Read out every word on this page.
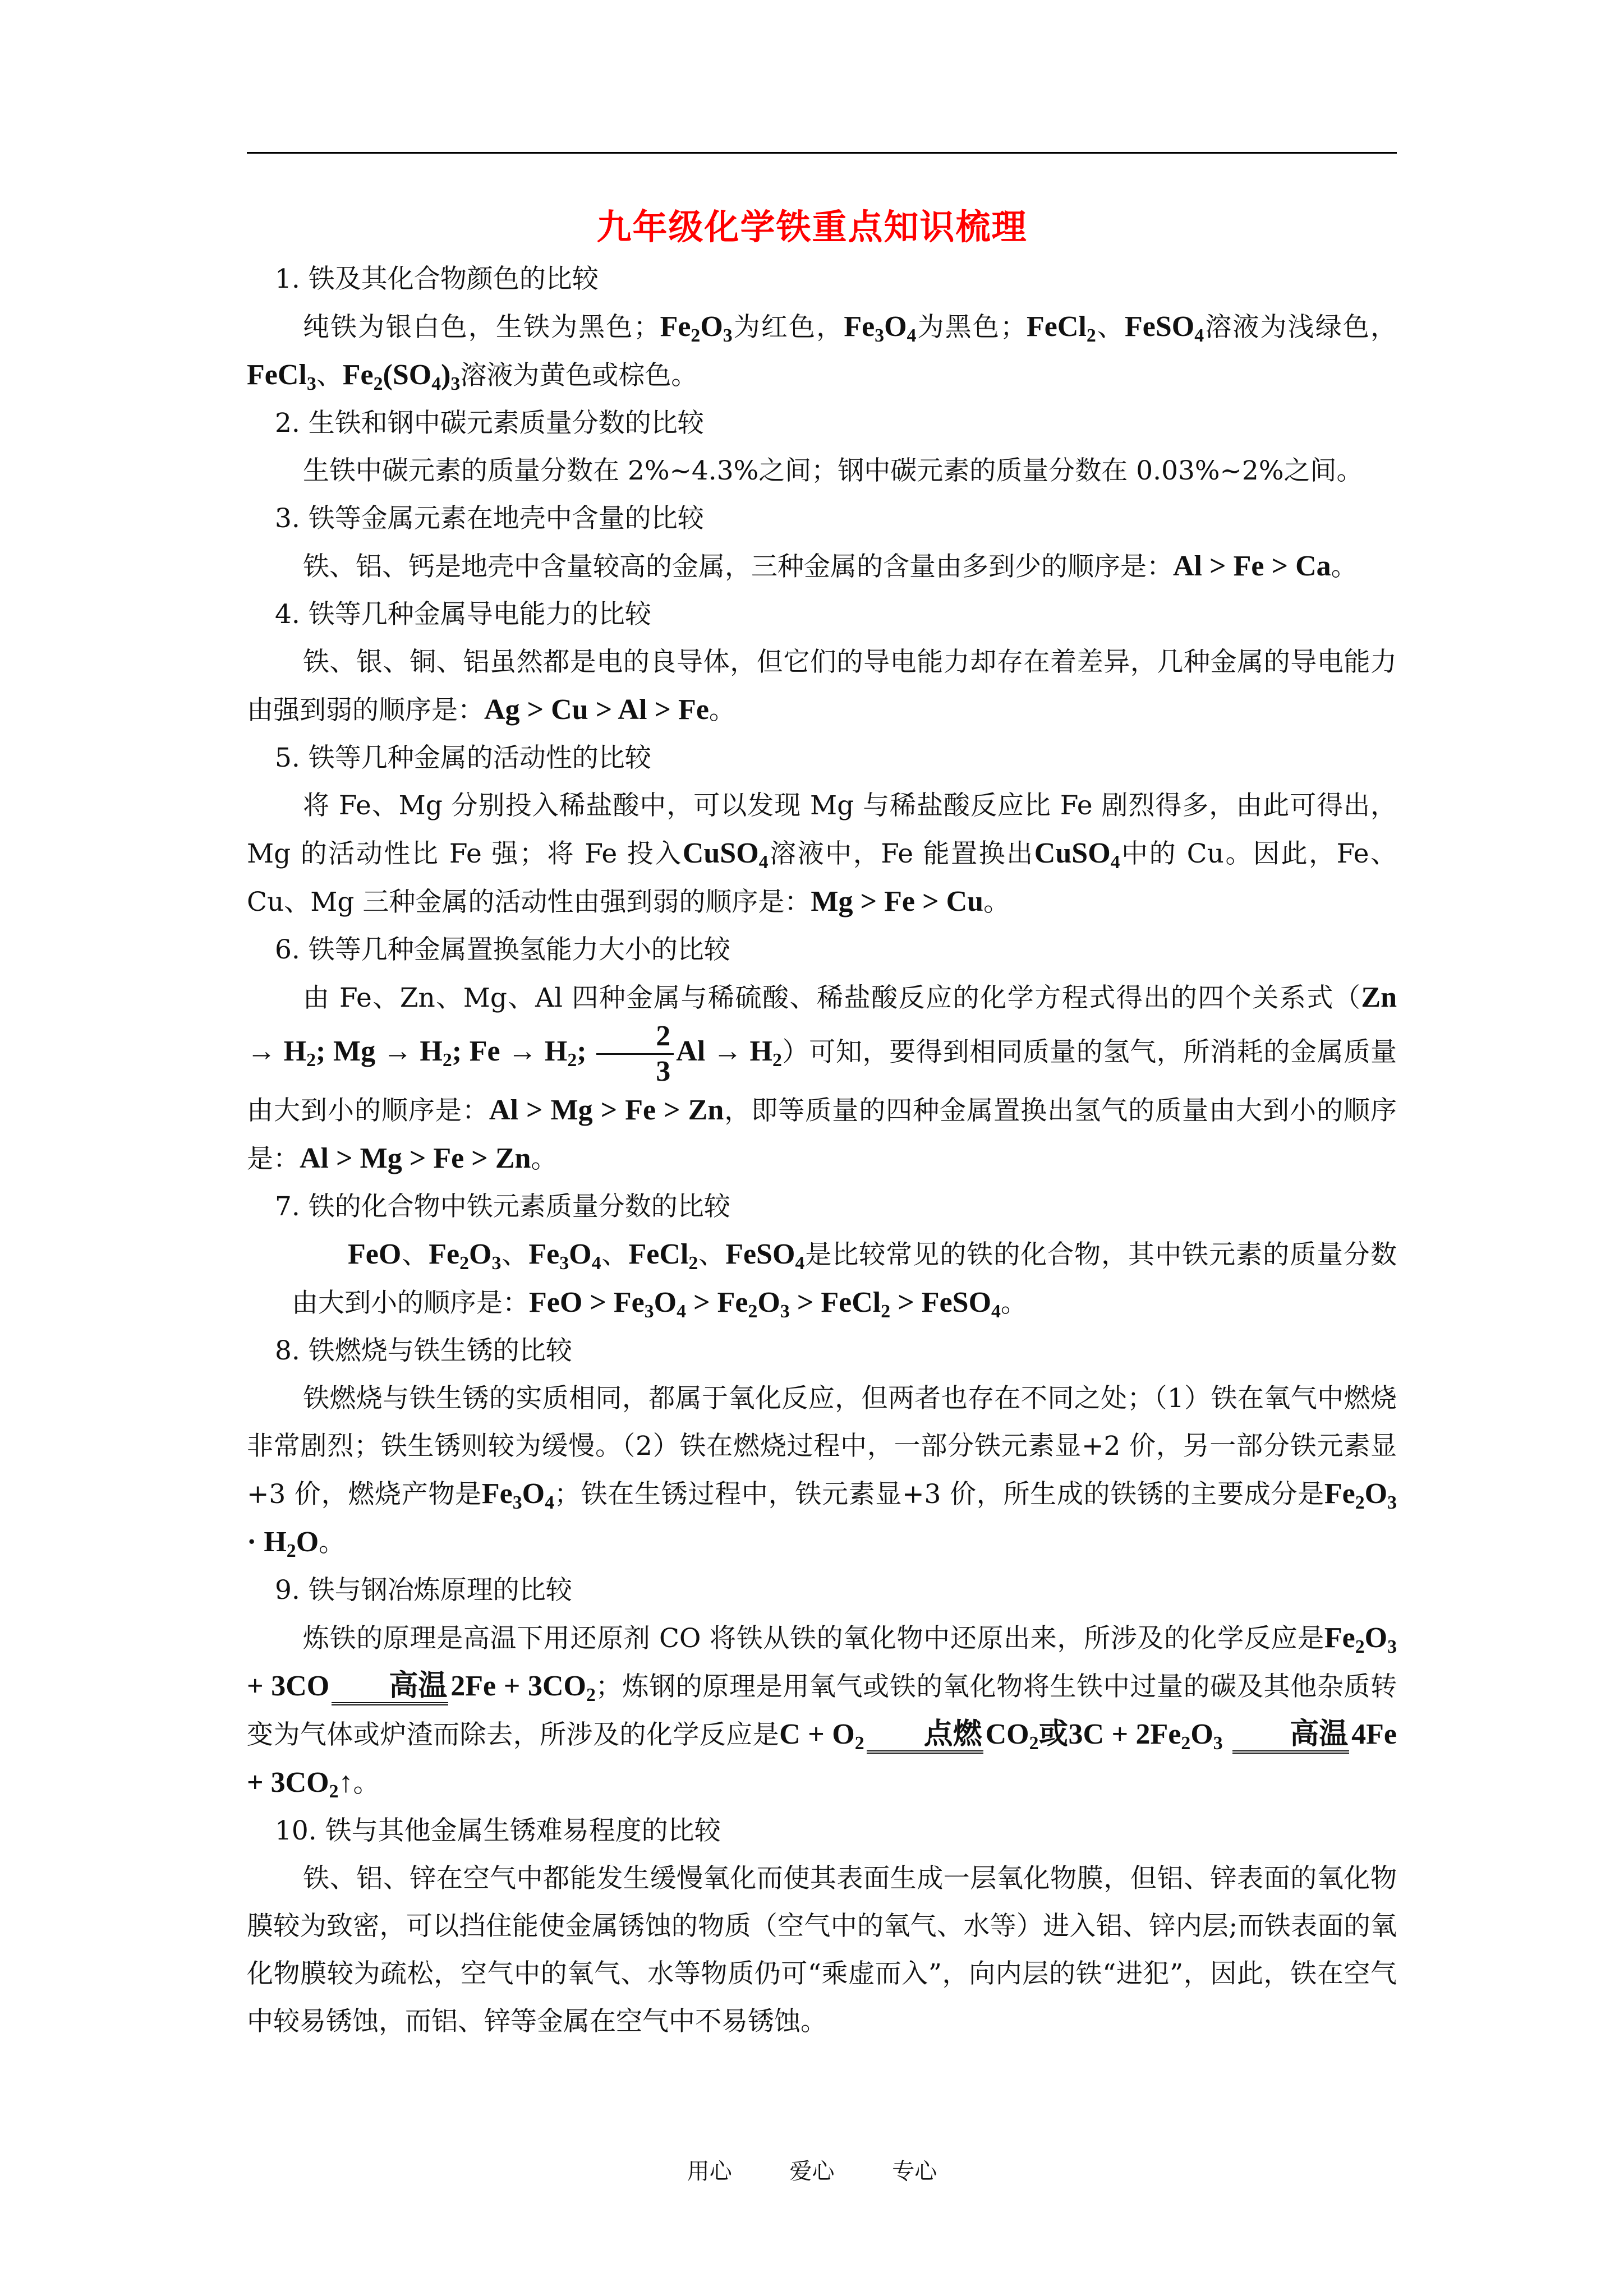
九年级化学铁重点知识梳理
1. 铁及其化合物颜色的比较
纯铁为银白色，生铁为黑色；$Fe_2O_3$为红色，$Fe_3O_4$为黑色；FeCl$_2$、FeSO$_4$溶液为浅绿色，FeCl$_3$、$Fe_2(SO_4)_3$溶液为黄色或棕色。
2. 生铁和钢中碳元素质量分数的比较
生铁中碳元素的质量分数在 2%~4.3%之间；钢中碳元素的质量分数在 0.03%~2%之间。
3. 铁等金属元素在地壳中含量的比较
铁、铝、钙是地壳中含量较高的金属，三种金属的含量由多到少的顺序是：Al > Fe > Ca。
4. 铁等几种金属导电能力的比较
铁、银、铜、铝虽然都是电的良导体，但它们的导电能力却存在着差异，几种金属的导电能力由强到弱的顺序是：Ag > Cu > Al > Fe。
5. 铁等几种金属的活动性的比较
将 Fe、Mg 分别投入稀盐酸中，可以发现 Mg 与稀盐酸反应比 Fe 剧烈得多，由此可得出，Mg 的活动性比 Fe 强；将 Fe 投入CuSO$_4$溶液中，Fe 能置换出CuSO$_4$中的 Cu。因此，Fe、Cu、Mg 三种金属的活动性由强到弱的顺序是：Mg > Fe > Cu。
6. 铁等几种金属置换氢能力大小的比较
由 Fe、Zn、Mg、Al 四种金属与稀硫酸、稀盐酸反应的化学方程式得出的四个关系式（$Zn \to H_2$; $Mg \to H_2$; $Fe \to H_2$; $\frac{2}{3}$ $Al \to H_2$）可知，要得到相同质量的氢气，所消耗的金属质量由大到小的顺序是：Al > Mg > Fe > Zn，即等质量的四种金属置换出氢气的质量由大到小的顺序是：Al > Mg > Fe > Zn。
7. 铁的化合物中铁元素质量分数的比较
FeO、$Fe_2O_3$、$Fe_3O_4$、FeCl$_2$、FeSO$_4$是比较常见的铁的化合物，其中铁元素的质量分数由大到小的顺序是：FeO > $Fe_3O_4 > Fe_2O_3$ > FeCl$_2$ > FeSO$_4$。
8. 铁燃烧与铁生锈的比较
铁燃烧与铁生锈的实质相同，都属于氧化反应，但两者也存在不同之处；（1）铁在氧气中燃烧非常剧烈；铁生锈则较为缓慢。（2）铁在燃烧过程中，一部分铁元素显+2 价，另一部分铁元素显+3 价，燃烧产物是$Fe_3O_4$；铁在生锈过程中，铁元素显+3 价，所生成的铁锈的主要成分是$Fe_2O_3 \cdot H_2O$。
9. 铁与钢冶炼原理的比较
炼铁的原理是高温下用还原剂 CO 将铁从铁的氧化物中还原出来，所涉及的化学反应是$Fe_2O_3 + 3CO$ 高温 $2Fe + 3CO_2$；炼钢的原理是用氧气或铁的氧化物将生铁中过量的碳及其他杂质转变为气体或炉渣而除去，所涉及的化学反应是$C + O_2$ 点燃 $CO_2$或$3C + 2Fe_2O_3$ 高温 $4Fe + 3CO_2↑$。
10. 铁与其他金属生锈难易程度的比较
铁、铝、锌在空气中都能发生缓慢氧化而使其表面生成一层氧化物膜，但铝、锌表面的氧化物膜较为致密，可以挡住能使金属锈蚀的物质（空气中的氧气、水等）进入铝、锌内层;而铁表面的氧化物膜较为疏松，空气中的氧气、水等物质仍可“乘虚而入”，向内层的铁“进犯”，因此，铁在空气中较易锈蚀，而铝、锌等金属在空气中不易锈蚀。
用心	爱心	专心
